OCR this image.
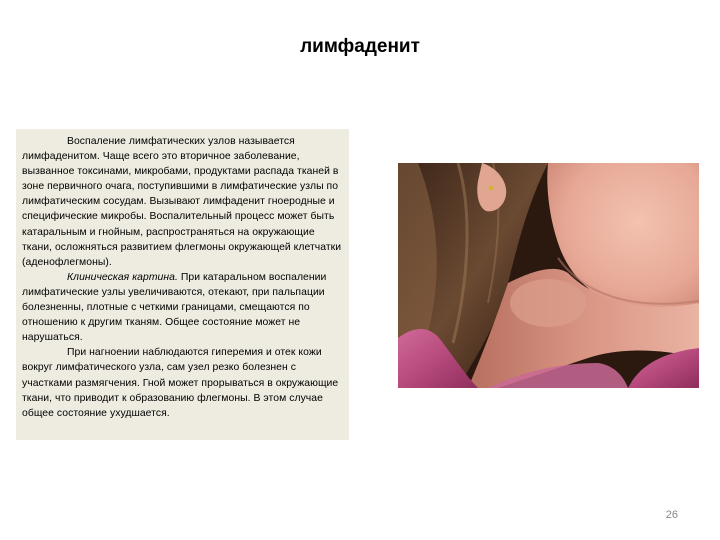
лимфаденит

Воспаление лимфатических узлов называется лимфаденитом. Чаще всего это вторичное заболевание, вызванное токсинами, микробами, продуктами распада тканей в зоне первичного очага, поступившими в лимфатические узлы по лимфатическим сосудам. Вызывают лимфаденит гноеродные и специфические микробы. Воспалительный процесс может быть катаральным и гнойным, распространяться на окружающие ткани, осложняться развитием флегмоны окружающей клетчатки (аденофлегмоны).

Клиническая картина. При катаральном воспалении лимфатические узлы увеличиваются, отекают, при пальпации болезненны, плотные с четкими границами, смещаются по отношению к другим тканям. Общее состояние может не нарушаться.

При нагноении наблюдаются гиперемия и отек кожи вокруг лимфатического узла, сам узел резко болезнен с участками размягчения. Гной может прорываться в окружающие ткани, что приводит к образованию флегмоны. В этом случае общее состояние ухудшается.

26
